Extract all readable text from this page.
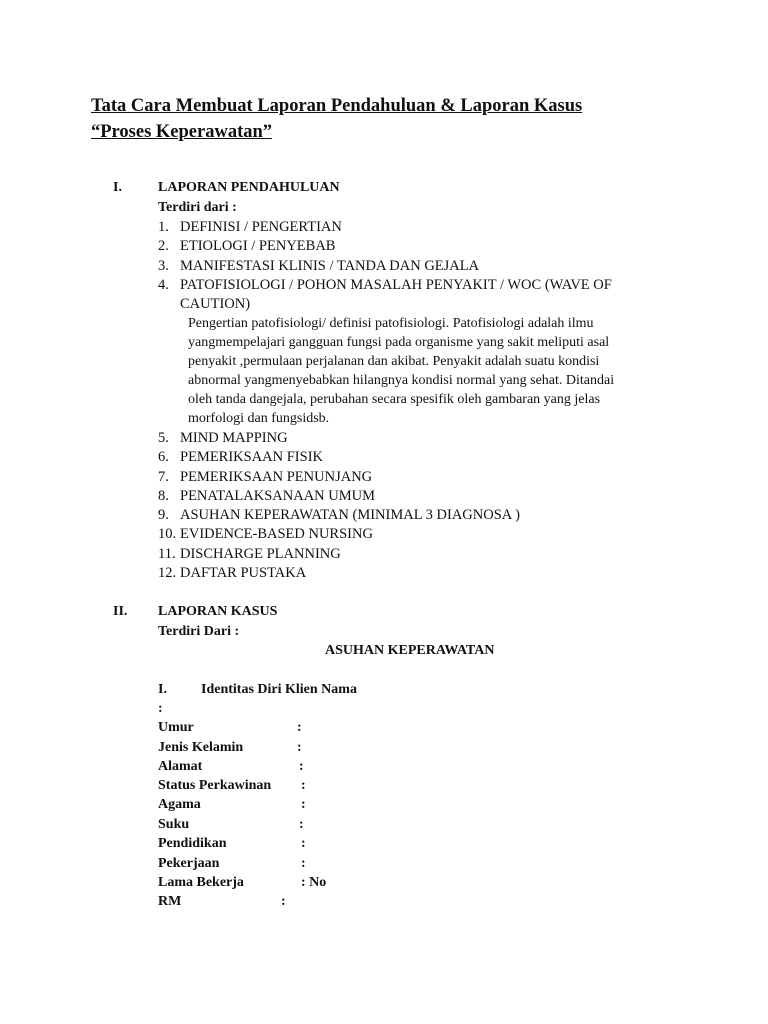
Tata Cara Membuat Laporan Pendahuluan & Laporan Kasus
“Proses Keperawatan”
I.	LAPORAN PENDAHULUAN
Terdiri dari :
1. DEFINISI / PENGERTIAN
2. ETIOLOGI / PENYEBAB
3. MANIFESTASI KLINIS / TANDA DAN GEJALA
4. PATOFISIOLOGI / POHON MASALAH PENYAKIT / WOC (WAVE OF
CAUTION)
Pengertian patofisiologi/ definisi patofisiologi. Patofisiologi adalah ilmu
yangmempelajari gangguan fungsi pada organisme yang sakit meliputi asal
penyakit ,permulaan perjalanan dan akibat. Penyakit adalah suatu kondisi
abnormal yangmenyebabkan hilangnya kondisi normal yang sehat. Ditandai
oleh tanda dangejala, perubahan secara spesifik oleh gambaran yang jelas
morfologi dan fungsidsb.
5. MIND MAPPING
6. PEMERIKSAAN FISIK
7. PEMERIKSAAN PENUNJANG
8. PENATALAKSANAAN UMUM
9. ASUHAN KEPERAWATAN (MINIMAL 3 DIAGNOSA )
10. EVIDENCE-BASED NURSING
11. DISCHARGE PLANNING
12. DAFTAR PUSTAKA
II. LAPORAN KASUS
Terdiri Dari :
ASUHAN KEPERAWATAN
I. Identitas Diri Klien Nama
:
Umur	:
Jenis Kelamin	:
Alamat	:
Status Perkawinan :
Agama	:
Suku	:
Pendidikan	:
Pekerjaan	:
Lama Bekerja	: No
RM	:
